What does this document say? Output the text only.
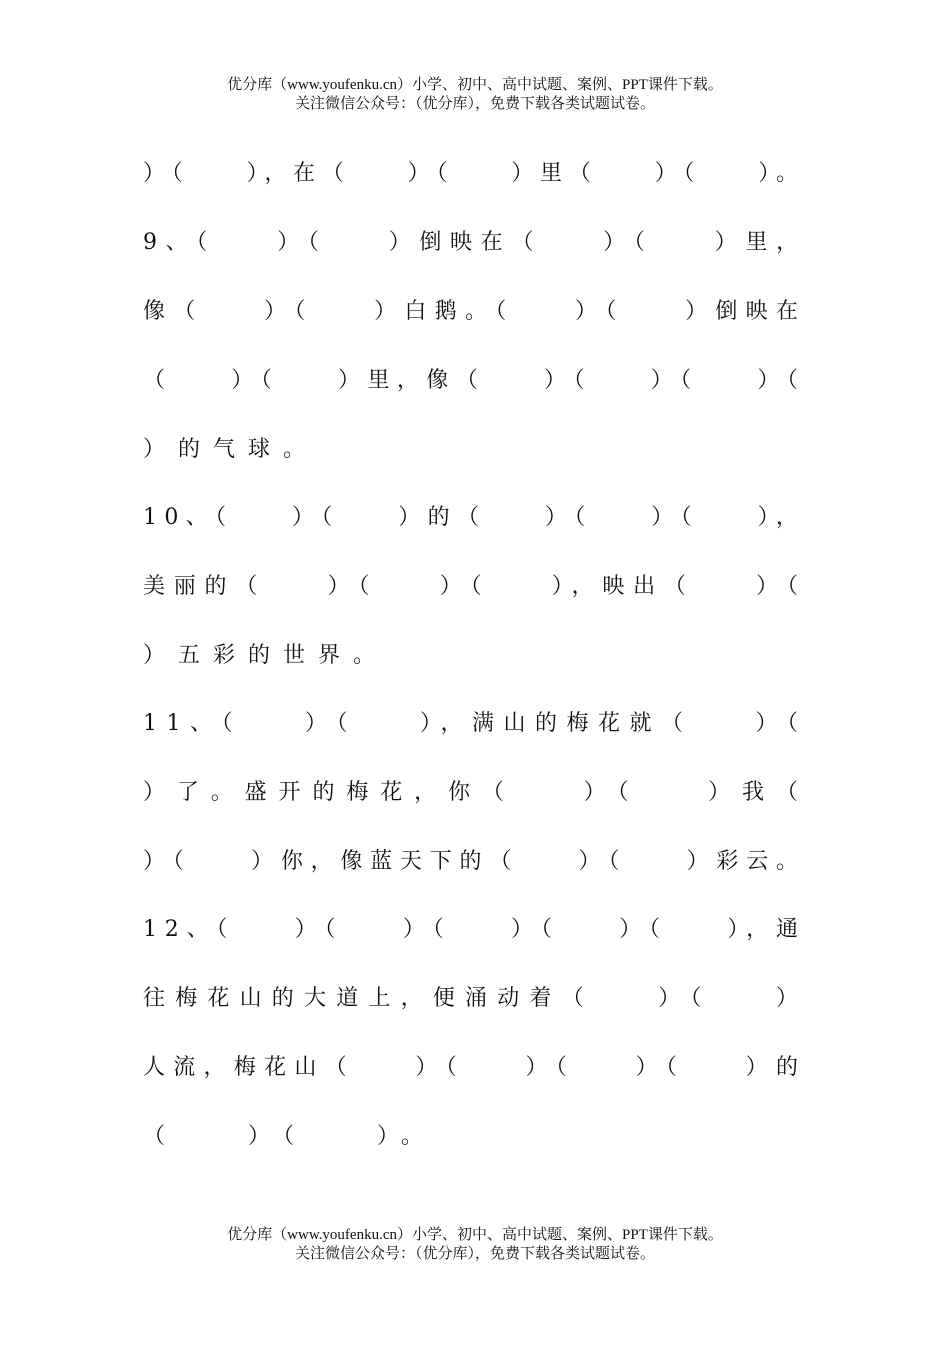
优分库（www.youfenku.cn）小学、初中、高中试题、案例、PPT课件下载。
关注微信公众号：（优分库），免费下载各类试题试卷。
）（　　），在（　　）（　　）里（　　）（　　）。
9、（　　）（　　）倒映在（　　）（　　）里，
像（　　）（　　）白鹅。（　　）（　　）倒映在
（　　）（　　）里，像（　　）（　　）（　　）（
）的气球。
10、（　　）（　　）的（　　）（　　）（　　），
美丽的（　　）（　　）（　　），映出（　　）（
）五彩的世界。
11、（　　）（　　），满山的梅花就（　　）（
）了。盛开的梅花，你（　　）（　　）我（
）（　　）你，像蓝天下的（　　）（　　）彩云。
12、（　　）（　　）（　　）（　　）（　　），通
往梅花山的大道上，便涌动着（　　）（　　）
人流，梅花山（　　）（　　）（　　）（　　）的
（　　）（　　）。
优分库（www.youfenku.cn）小学、初中、高中试题、案例、PPT课件下载。
关注微信公众号：（优分库），免费下载各类试题试卷。
